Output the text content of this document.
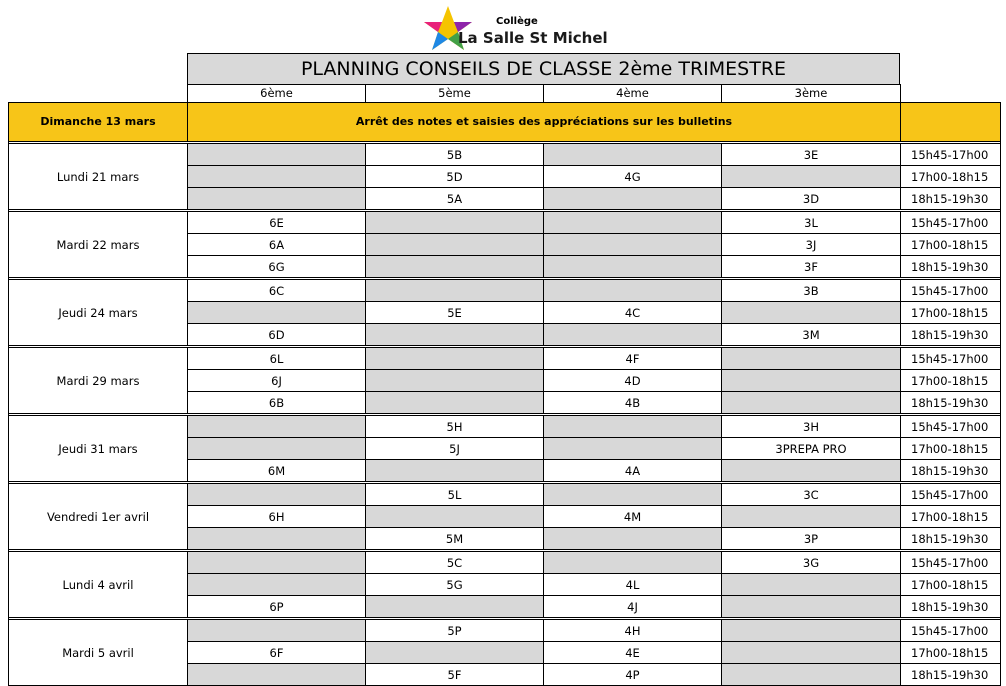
Collège
La Salle St Michel
PLANNING CONSEILS DE CLASSE 2ème TRIMESTRE
6ème	5ème	4ème	3ème
Dimanche 13 mars	Arrêt des notes et saisies des appréciations sur les bulletins				

Lundi 21 mars		5B		3E	15h45-17h00
		5D	4G		17h00-18h15
		5A		3D	18h15-19h30

Mardi 22 mars	6E			3L	15h45-17h00
	6A			3J	17h00-18h15
	6G			3F	18h15-19h30

Jeudi 24 mars	6C			3B	15h45-17h00
		5E	4C		17h00-18h15
	6D			3M	18h15-19h30

Mardi 29 mars	6L		4F		15h45-17h00
	6J		4D		17h00-18h15
	6B		4B		18h15-19h30

Jeudi 31 mars		5H		3H	15h45-17h00
		5J		3PREPA PRO	17h00-18h15
	6M		4A		18h15-19h30

Vendredi 1er avril		5L		3C	15h45-17h00
	6H		4M		17h00-18h15
		5M		3P	18h15-19h30

Lundi 4 avril		5C		3G	15h45-17h00
		5G	4L		17h00-18h15
	6P		4J		18h15-19h30

Mardi 5 avril		5P	4H		15h45-17h00
	6F		4E		17h00-18h15
		5F	4P		18h15-19h30
